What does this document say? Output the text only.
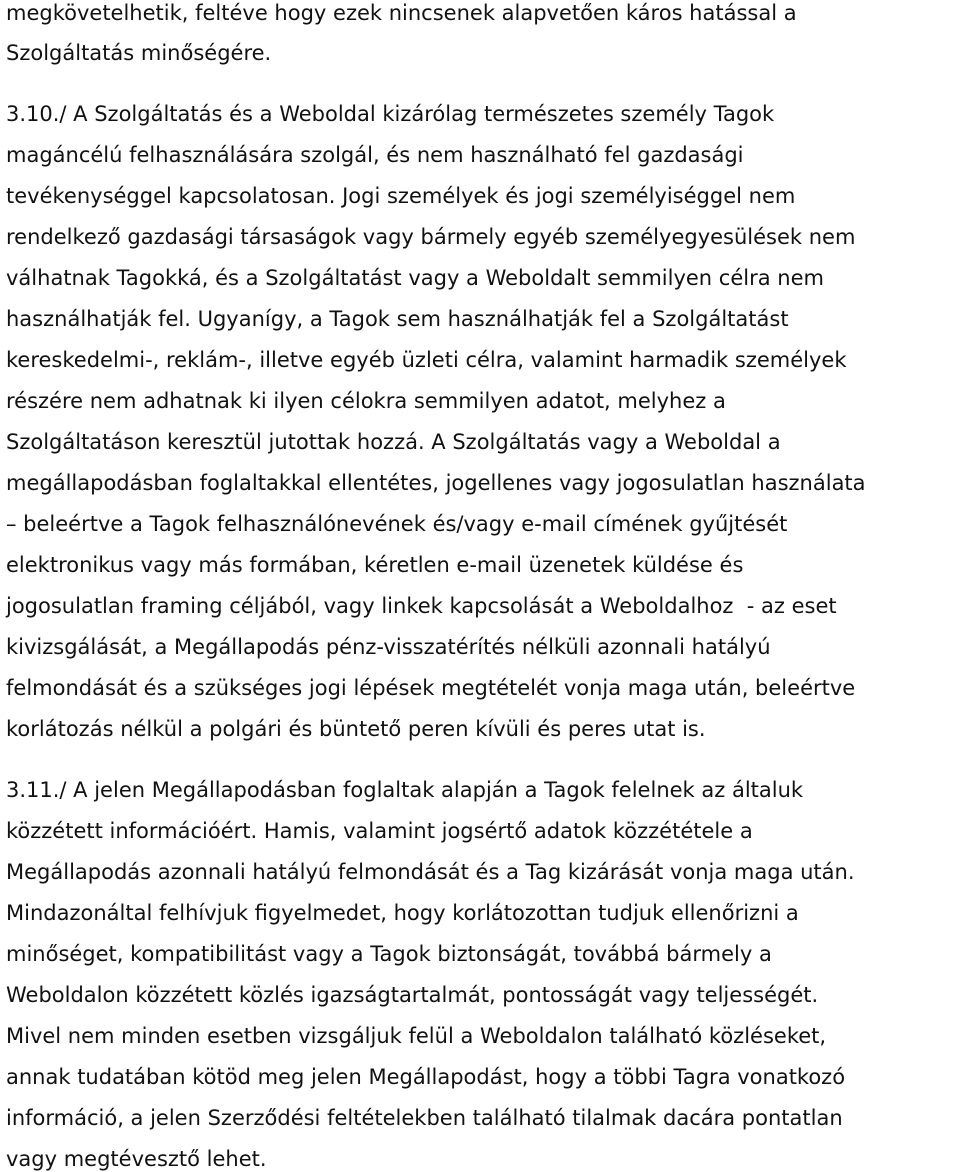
megkövetelhetik, feltéve hogy ezek nincsenek alapvetően káros hatással a
Szolgáltatás minőségére.
3.10./ A Szolgáltatás és a Weboldal kizárólag természetes személy Tagok
magáncélú felhasználására szolgál, és nem használható fel gazdasági
tevékenységgel kapcsolatosan. Jogi személyek és jogi személyiséggel nem
rendelkező gazdasági társaságok vagy bármely egyéb személyegyesülések nem
válhatnak Tagokká, és a Szolgáltatást vagy a Weboldalt semmilyen célra nem
használhatják fel. Ugyanígy, a Tagok sem használhatják fel a Szolgáltatást
kereskedelmi-, reklám-, illetve egyéb üzleti célra, valamint harmadik személyek
részére nem adhatnak ki ilyen célokra semmilyen adatot, melyhez a
Szolgáltatáson keresztül jutottak hozzá. A Szolgáltatás vagy a Weboldal a
megállapodásban foglaltakkal ellentétes, jogellenes vagy jogosulatlan használata
– beleértve a Tagok felhasználónevének és/vagy e-mail címének gyűjtését
elektronikus vagy más formában, kéretlen e-mail üzenetek küldése és
jogosulatlan framing céljából, vagy linkek kapcsolását a Weboldalhoz  - az eset
kivizsgálását, a Megállapodás pénz-visszatérítés nélküli azonnali hatályú
felmondását és a szükséges jogi lépések megtételét vonja maga után, beleértve
korlátozás nélkül a polgári és büntető peren kívüli és peres utat is.
3.11./ A jelen Megállapodásban foglaltak alapján a Tagok felelnek az általuk
közzétett információért. Hamis, valamint jogsértő adatok közzététele a
Megállapodás azonnali hatályú felmondását és a Tag kizárását vonja maga után.
Mindazonáltal felhívjuk figyelmedet, hogy korlátozottan tudjuk ellenőrizni a
minőséget, kompatibilitást vagy a Tagok biztonságát, továbbá bármely a
Weboldalon közzétett közlés igazságtartalmát, pontosságát vagy teljességét.
Mivel nem minden esetben vizsgáljuk felül a Weboldalon található közléseket,
annak tudatában kötöd meg jelen Megállapodást, hogy a többi Tagra vonatkozó
információ, a jelen Szerződési feltételekben található tilalmak dacára pontatlan
vagy megtévesztő lehet.
